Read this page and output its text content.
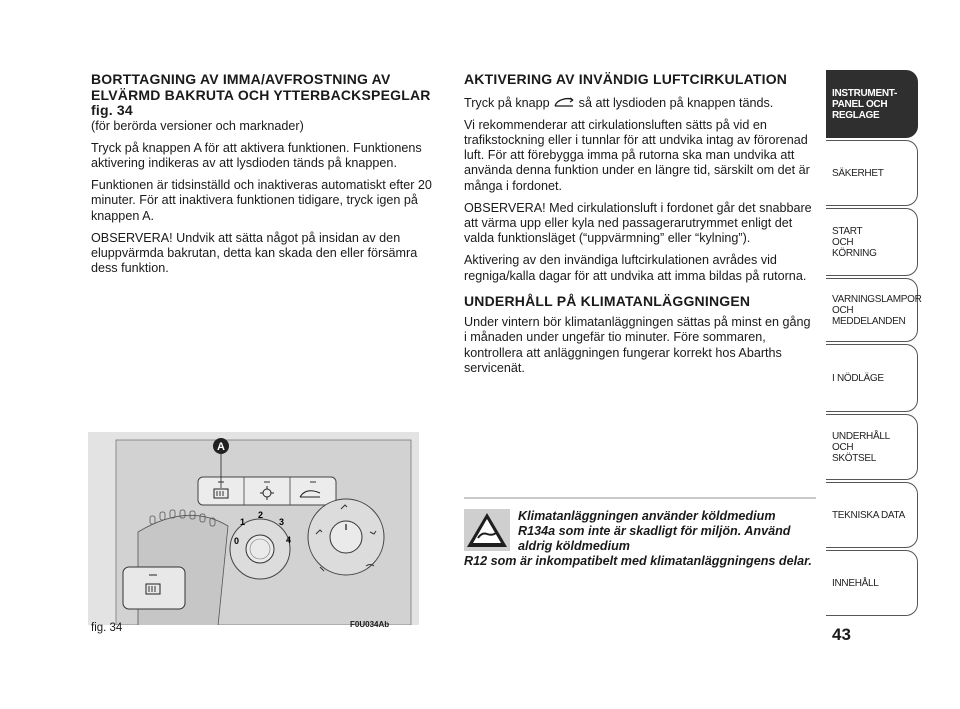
BORTTAGNING AV IMMA/AVFROSTNING AV ELVÄRMD BAKRUTA OCH YTTERBACKSPEGLAR fig. 34

(för berörda versioner och marknader)

Tryck på knappen A för att aktivera funktionen. Funktionens aktivering indikeras av att lysdioden tänds på knappen.

Funktionen är tidsinställd och inaktiveras automatiskt efter 20 minuter. För att inaktivera funktionen tidigare, tryck igen på knappen A.

OBSERVERA! Undvik att sätta något på insidan av den eluppvärmda bakrutan, detta kan skada den eller försämra dess funktion.

AKTIVERING AV INVÄNDIG LUFTCIRKULATION

Tryck på knapp så att lysdioden på knappen tänds.

Vi rekommenderar att cirkulationsluften sätts på vid en trafikstockning eller i tunnlar för att undvika intag av förorenad luft. För att förebygga imma på rutorna ska man undvika att använda denna funktion under en längre tid, särskilt om det är många i fordonet.

OBSERVERA! Med cirkulationsluft i fordonet går det snabbare att värma upp eller kyla ned passagerarutrymmet enligt det valda funktionsläget (“uppvärmning” eller “kylning”).

Aktivering av den invändiga luftcirkulationen avrådes vid regniga/kalla dagar för att undvika att imma bildas på rutorna.

UNDERHÅLL PÅ KLIMATANLÄGGNINGEN

Under vintern bör klimatanläggningen sättas på minst en gång i månaden under ungefär tio minuter. Före sommaren, kontrollera att anläggningen fungerar korrekt hos Abarths servicenät.

Klimatanläggningen använder köldmedium R134a som inte är skadligt för miljön. Använd aldrig köldmedium
R12 som är inkompatibelt med klimatanläggningens delar.
A
0
1
2
3
4
fig. 34	F0U034Ab
INSTRUMENT-PANEL OCH REGLAGE
SÄKERHET
START OCH KÖRNING
VARNINGSLAMPOR OCH MEDDELANDEN
I NÖDLÄGE
UNDERHÅLL OCH SKÖTSEL
TEKNISKA DATA
INNEHÅLL
43
